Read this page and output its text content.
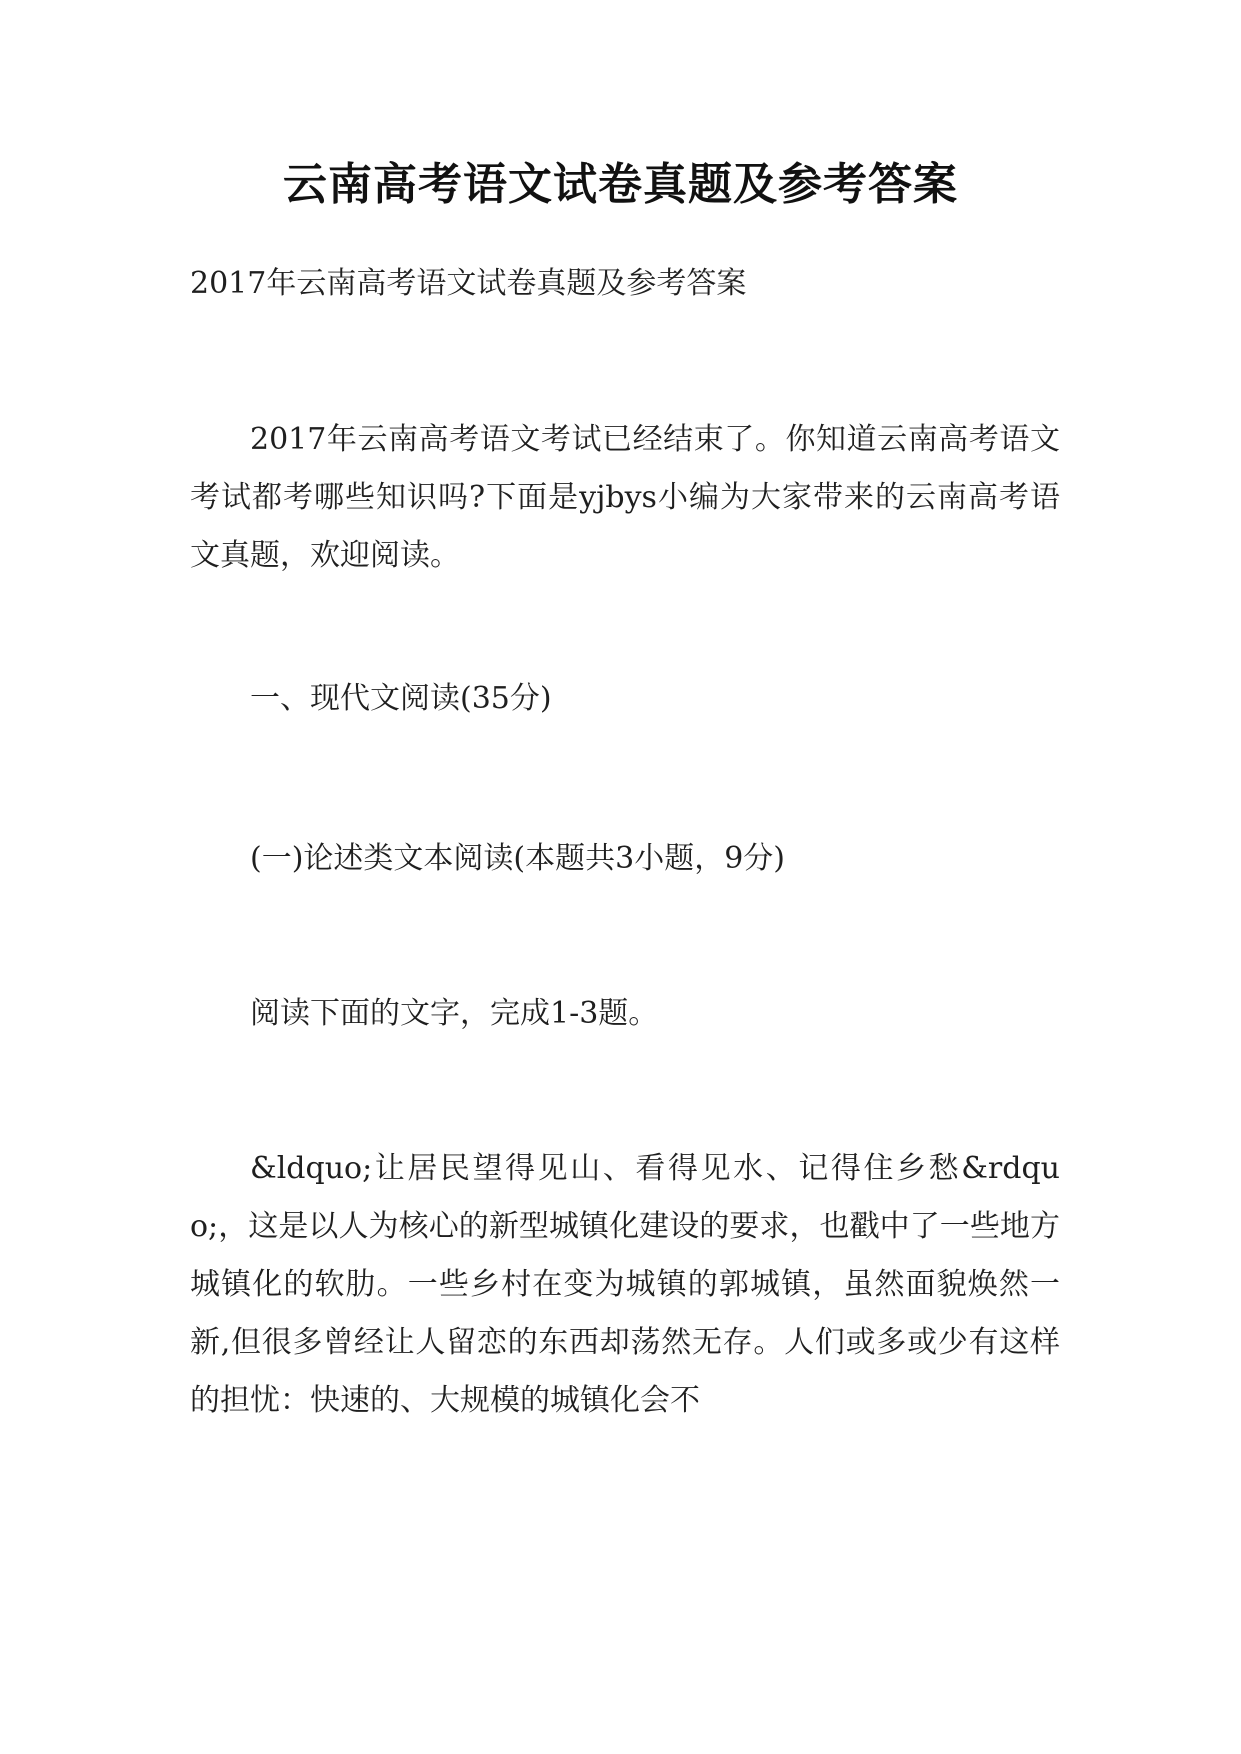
云南高考语文试卷真题及参考答案
2017年云南高考语文试卷真题及参考答案
2017年云南高考语文考试已经结束了。你知道云南高考语文考试都考哪些知识吗?下面是yjbys小编为大家带来的云南高考语文真题，欢迎阅读。
一、现代文阅读(35分)
(一)论述类文本阅读(本题共3小题，9分)
阅读下面的文字，完成1-3题。
&ldquo;让居民望得见山、看得见水、记得住乡愁&rdquo;，这是以人为核心的新型城镇化建设的要求，也戳中了一些地方城镇化的软肋。一些乡村在变为城镇的郭城镇，虽然面貌焕然一新,但很多曾经让人留恋的东西却荡然无存。人们或多或少有这样的担忧：快速的、大规模的城镇化会不
